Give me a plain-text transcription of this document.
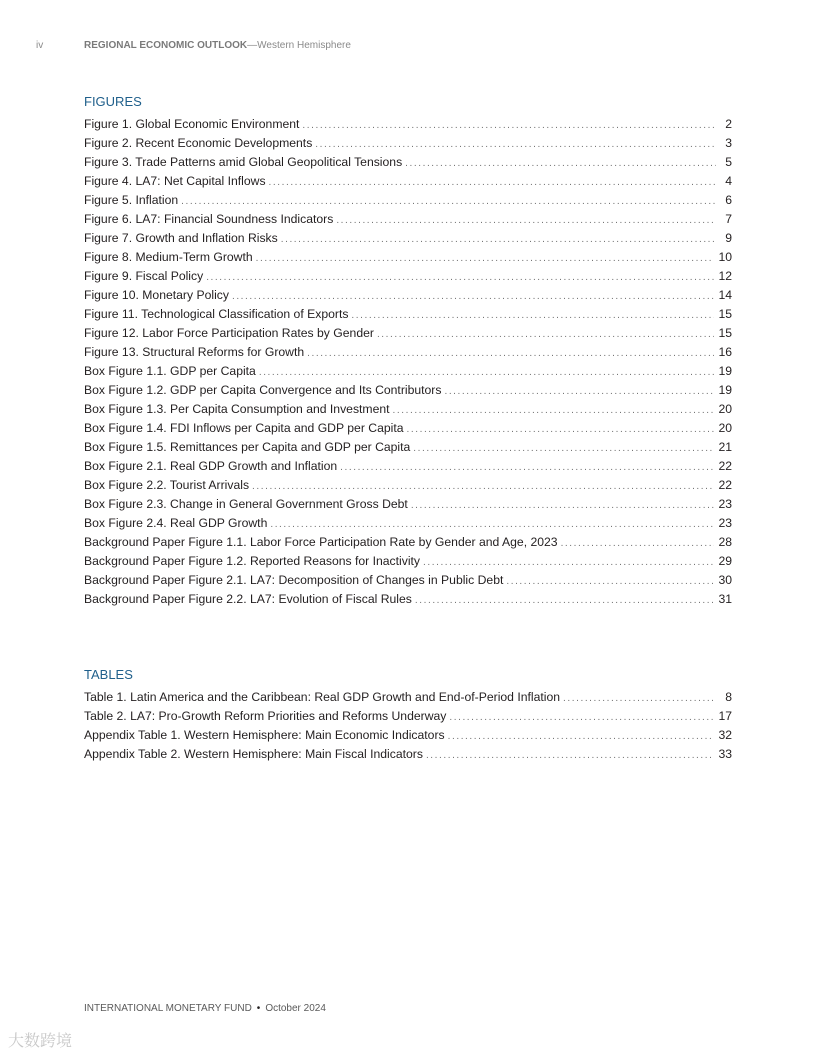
iv	REGIONAL ECONOMIC OUTLOOK—Western Hemisphere
FIGURES
Figure 1. Global Economic Environment . . .	2
Figure 2. Recent Economic Developments . . .	3
Figure 3. Trade Patterns amid Global Geopolitical Tensions . . .	5
Figure 4. LA7: Net Capital Inflows . . .	4
Figure 5. Inflation . . .	6
Figure 6. LA7: Financial Soundness Indicators . . .	7
Figure 7. Growth and Inflation Risks . . .	9
Figure 8. Medium-Term Growth . . .	10
Figure 9. Fiscal Policy . . .	12
Figure 10. Monetary Policy . . .	14
Figure 11. Technological Classification of Exports . . .	15
Figure 12. Labor Force Participation Rates by Gender . . .	15
Figure 13. Structural Reforms for Growth . . .	16
Box Figure 1.1. GDP per Capita . . .	19
Box Figure 1.2. GDP per Capita Convergence and Its Contributors . . .	19
Box Figure 1.3. Per Capita Consumption and Investment . . .	20
Box Figure 1.4. FDI Inflows per Capita and GDP per Capita . . .	20
Box Figure 1.5. Remittances per Capita and GDP per Capita . . .	21
Box Figure 2.1. Real GDP Growth and Inflation . . .	22
Box Figure 2.2. Tourist Arrivals . . .	22
Box Figure 2.3. Change in General Government Gross Debt . . .	23
Box Figure 2.4. Real GDP Growth . . .	23
Background Paper Figure 1.1. Labor Force Participation Rate by Gender and Age, 2023 . . .	28
Background Paper Figure 1.2. Reported Reasons for Inactivity . . .	29
Background Paper Figure 2.1. LA7: Decomposition of Changes in Public Debt . . .	30
Background Paper Figure 2.2. LA7: Evolution of Fiscal Rules . . .	31
TABLES
Table 1. Latin America and the Caribbean: Real GDP Growth and End-of-Period Inflation . . .	8
Table 2. LA7: Pro-Growth Reform Priorities and Reforms Underway . . .	17
Appendix Table 1. Western Hemisphere: Main Economic Indicators . . .	32
Appendix Table 2. Western Hemisphere: Main Fiscal Indicators . . .	33
INTERNATIONAL MONETARY FUND • October 2024
大数跨境
